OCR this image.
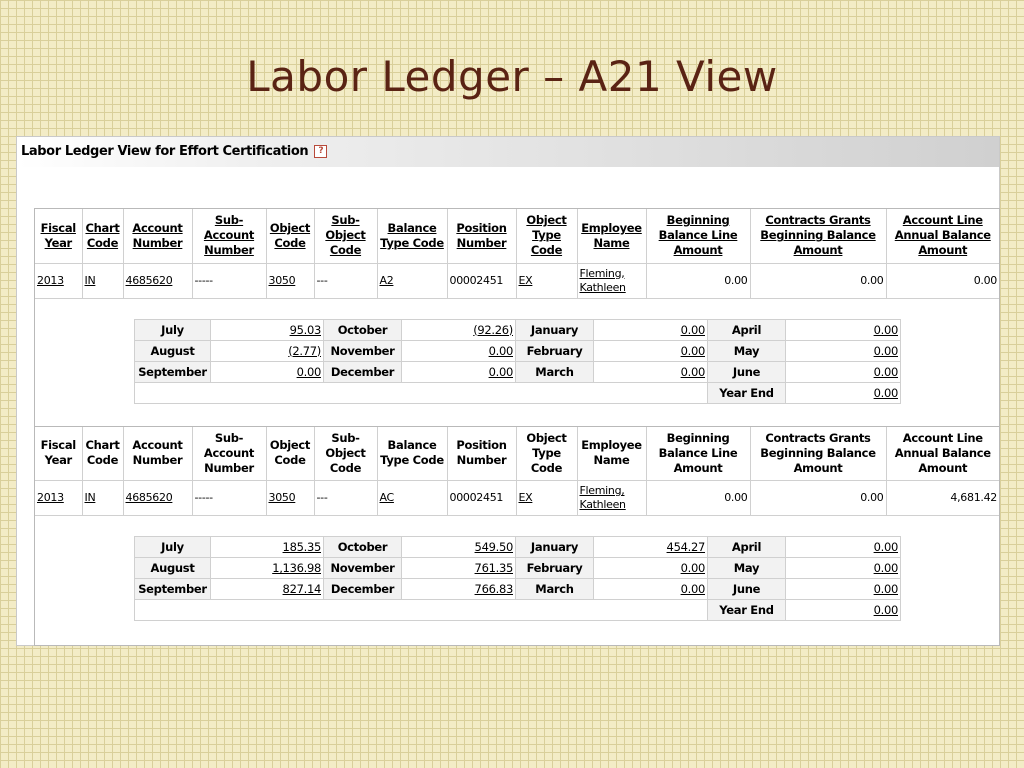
Labor Ledger – A21 View
Labor Ledger View for Effort Certification ?
Fiscal Year	Chart Code	Account Number	Sub-Account Number	Object Code	Sub-Object Code	Balance Type Code	Position Number	Object Type Code	Employee Name	Beginning Balance Line Amount	Contracts Grants Beginning Balance Amount	Account Line Annual Balance Amount
2013	IN	4685620	-----	3050	---	A2	00002451	EX	Fleming,
Kathleen	0.00	0.00	0.00
July	95.03	October	(92.26)	January	0.00	April	0.00
August	(2.77)	November	0.00	February	0.00	May	0.00
September	0.00	December	0.00	March	0.00	June	0.00
						Year End	0.00
Fiscal Year	Chart Code	Account Number	Sub-Account Number	Object Code	Sub-Object Code	Balance Type Code	Position Number	Object Type Code	Employee Name	Beginning Balance Line Amount	Contracts Grants Beginning Balance Amount	Account Line Annual Balance Amount
2013	IN	4685620	-----	3050	---	AC	00002451	EX	Fleming,
Kathleen	0.00	0.00	4,681.42
July	185.35	October	549.50	January	454.27	April	0.00
August	1,136.98	November	761.35	February	0.00	May	0.00
September	827.14	December	766.83	March	0.00	June	0.00
						Year End	0.00
